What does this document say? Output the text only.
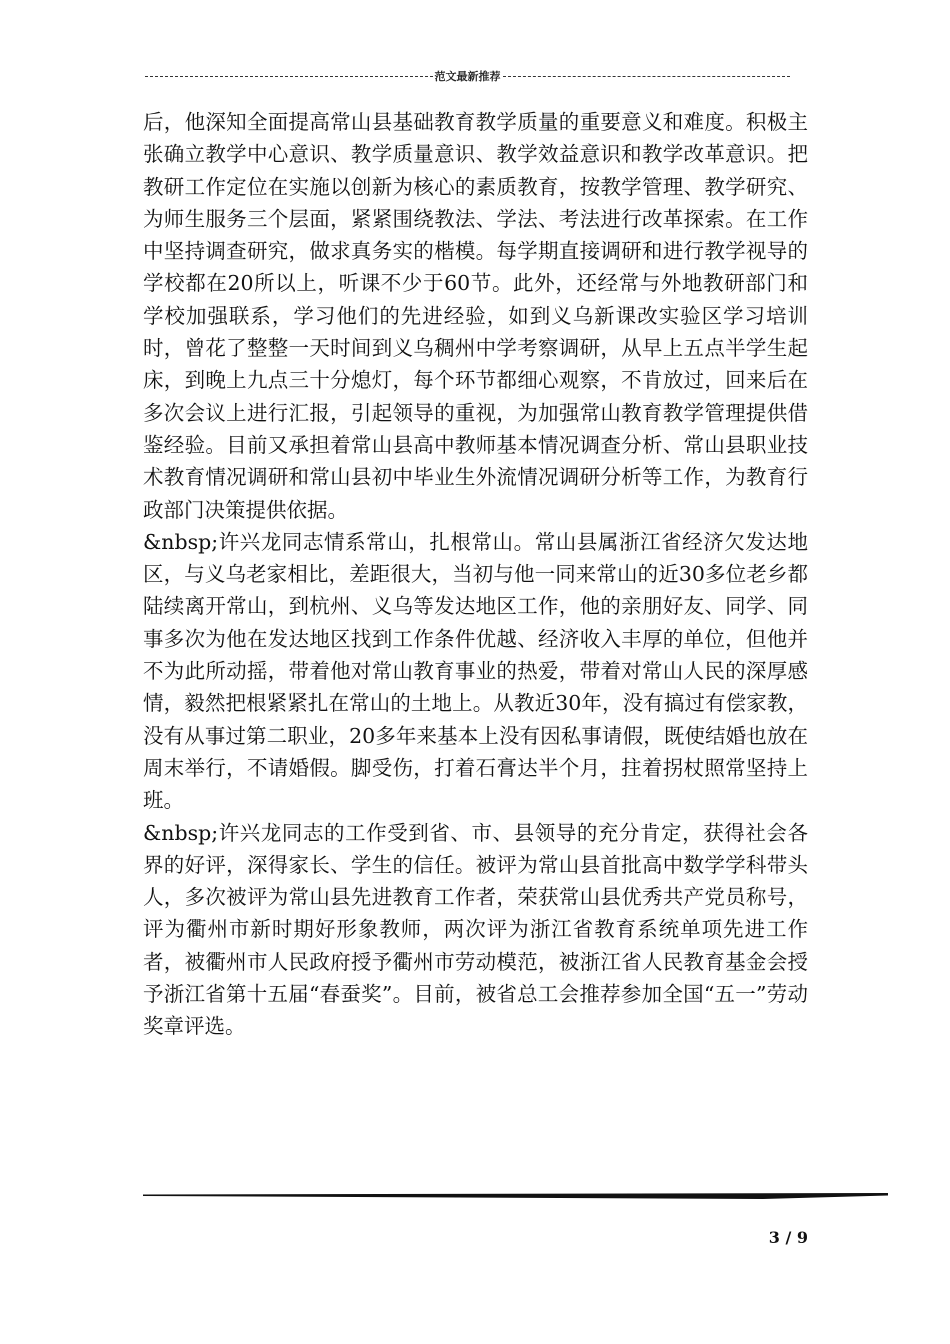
范文最新推荐

后，他深知全面提高常山县基础教育教学质量的重要意义和难度。积极主张确立教学中心意识、教学质量意识、教学效益意识和教学改革意识。把教研工作定位在实施以创新为核心的素质教育，按教学管理、教学研究、为师生服务三个层面，紧紧围绕教法、学法、考法进行改革探索。在工作中坚持调查研究，做求真务实的楷模。每学期直接调研和进行教学视导的学校都在20所以上，听课不少于60节。此外，还经常与外地教研部门和学校加强联系，学习他们的先进经验，如到义乌新课改实验区学习培训时，曾花了整整一天时间到义乌稠州中学考察调研，从早上五点半学生起床，到晚上九点三十分熄灯，每个环节都细心观察，不肯放过，回来后在多次会议上进行汇报，引起领导的重视，为加强常山教育教学管理提供借鉴经验。目前又承担着常山县高中教师基本情况调查分析、常山县职业技术教育情况调研和常山县初中毕业生外流情况调研分析等工作，为教育行政部门决策提供依据。

&nbsp;许兴龙同志情系常山，扎根常山。常山县属浙江省经济欠发达地区，与义乌老家相比，差距很大，当初与他一同来常山的近30多位老乡都陆续离开常山，到杭州、义乌等发达地区工作，他的亲朋好友、同学、同事多次为他在发达地区找到工作条件优越、经济收入丰厚的单位，但他并不为此所动摇，带着他对常山教育事业的热爱，带着对常山人民的深厚感情，毅然把根紧紧扎在常山的土地上。从教近30年，没有搞过有偿家教，没有从事过第二职业，20多年来基本上没有因私事请假，既使结婚也放在周末举行，不请婚假。脚受伤，打着石膏达半个月，拄着拐杖照常坚持上班。

&nbsp;许兴龙同志的工作受到省、市、县领导的充分肯定，获得社会各界的好评，深得家长、学生的信任。被评为常山县首批高中数学学科带头人，多次被评为常山县先进教育工作者，荣获常山县优秀共产党员称号，评为衢州市新时期好形象教师，两次评为浙江省教育系统单项先进工作者，被衢州市人民政府授予衢州市劳动模范，被浙江省人民教育基金会授予浙江省第十五届“春蚕奖”。目前，被省总工会推荐参加全国“五一”劳动奖章评选。

3 / 9
